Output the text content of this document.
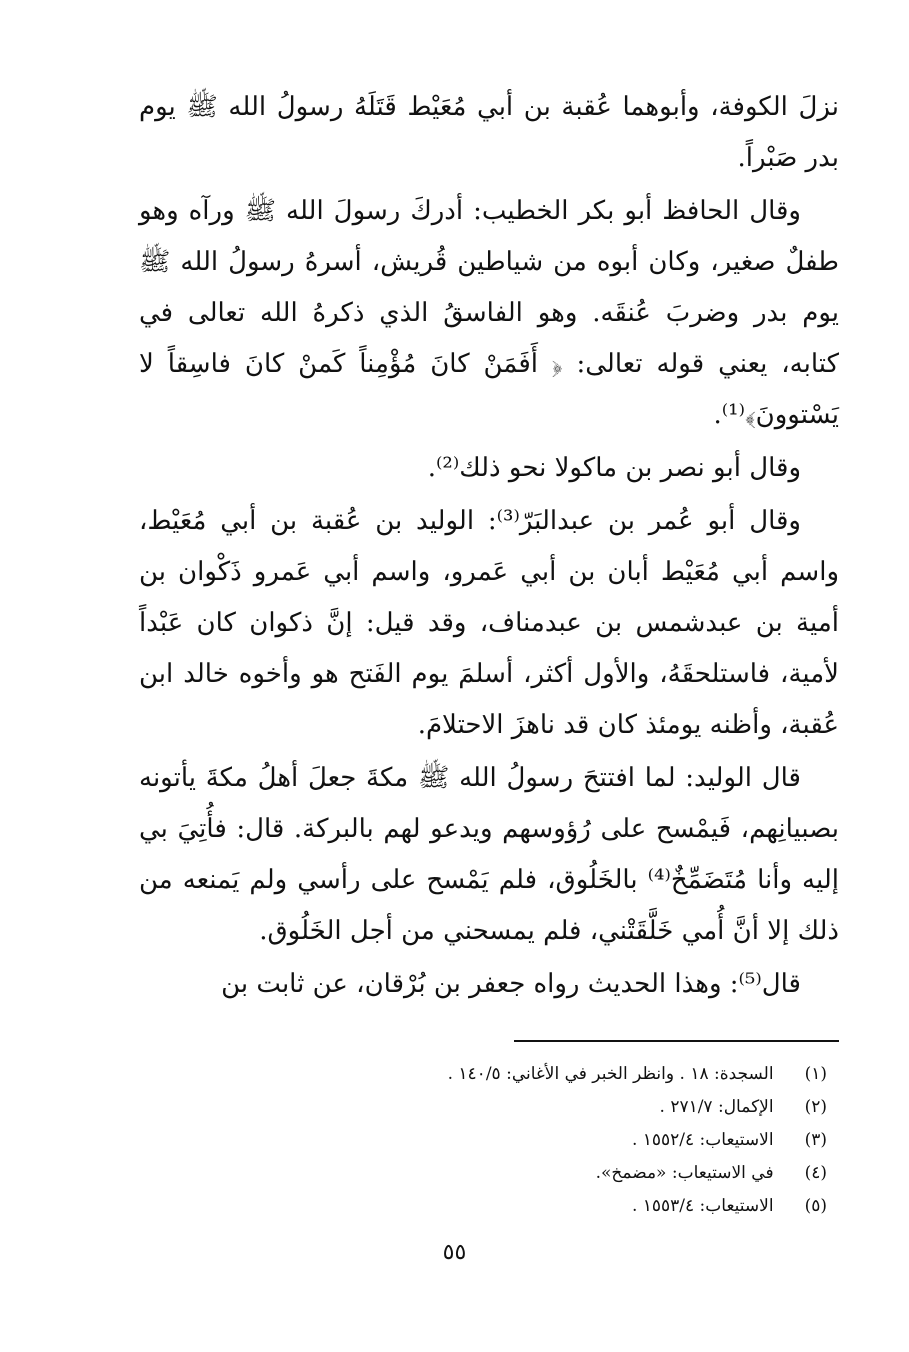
نزلَ الكوفة، وأبوهما عُقبة بن أبي مُعَيْط قَتَلَهُ رسولُ الله ﷺ يوم بدر صَبْراً.

وقال الحافظ أبو بكر الخطيب: أدركَ رسولَ الله ﷺ ورآه وهو طفلٌ صغير، وكان أبوه من شياطين قُريش، أسرهُ رسولُ الله ﷺ يوم بدر وضربَ عُنقَه. وهو الفاسقُ الذي ذكرهُ الله تعالى في كتابه، يعني قوله تعالى: ﴿ أَفَمَنْ كانَ مُؤْمِناً كَمنْ كانَ فاسِقاً لا يَسْتوونَ﴾⁽¹⁾.

وقال أبو نصر بن ماكولا نحو ذلك⁽²⁾.

وقال أبو عُمر بن عبدالبَرّ⁽³⁾: الوليد بن عُقبة بن أبي مُعَيْط، واسم أبي مُعَيْط أبان بن أبي عَمرو، واسم أبي عَمرو ذَكْوان بن أمية بن عبدشمس بن عبدمناف، وقد قيل: إنَّ ذكوان كان عَبْداً لأمية، فاستلحقَهُ، والأول أكثر، أسلمَ يوم الفَتح هو وأخوه خالد ابن عُقبة، وأظنه يومئذ كان قد ناهزَ الاحتلامَ.

قال الوليد: لما افتتحَ رسولُ الله ﷺ مكةَ جعلَ أهلُ مكةَ يأتونه بصبيانِهم، فَيمْسح على رُؤوسهم ويدعو لهم بالبركة. قال: فأُتِيَ بي إليه وأنا مُتَضَمِّخٌ⁽⁴⁾ بالخَلُوق، فلم يَمْسح على رأسي ولم يَمنعه من ذلك إلا أنَّ أُمي خَلَّقَتْني، فلم يمسحني من أجل الخَلُوق.

قال⁽⁵⁾: وهذا الحديث رواه جعفر بن بُرْقان، عن ثابت بن

(١) السجدة: ١٨ . وانظر الخبر في الأغاني: ١٤٠/٥ .
(٢) الإكمال: ٢٧١/٧ .
(٣) الاستيعاب: ١٥٥٢/٤ .
(٤) في الاستيعاب: «مضمخ».
(٥) الاستيعاب: ١٥٥٣/٤ .
٥٥
